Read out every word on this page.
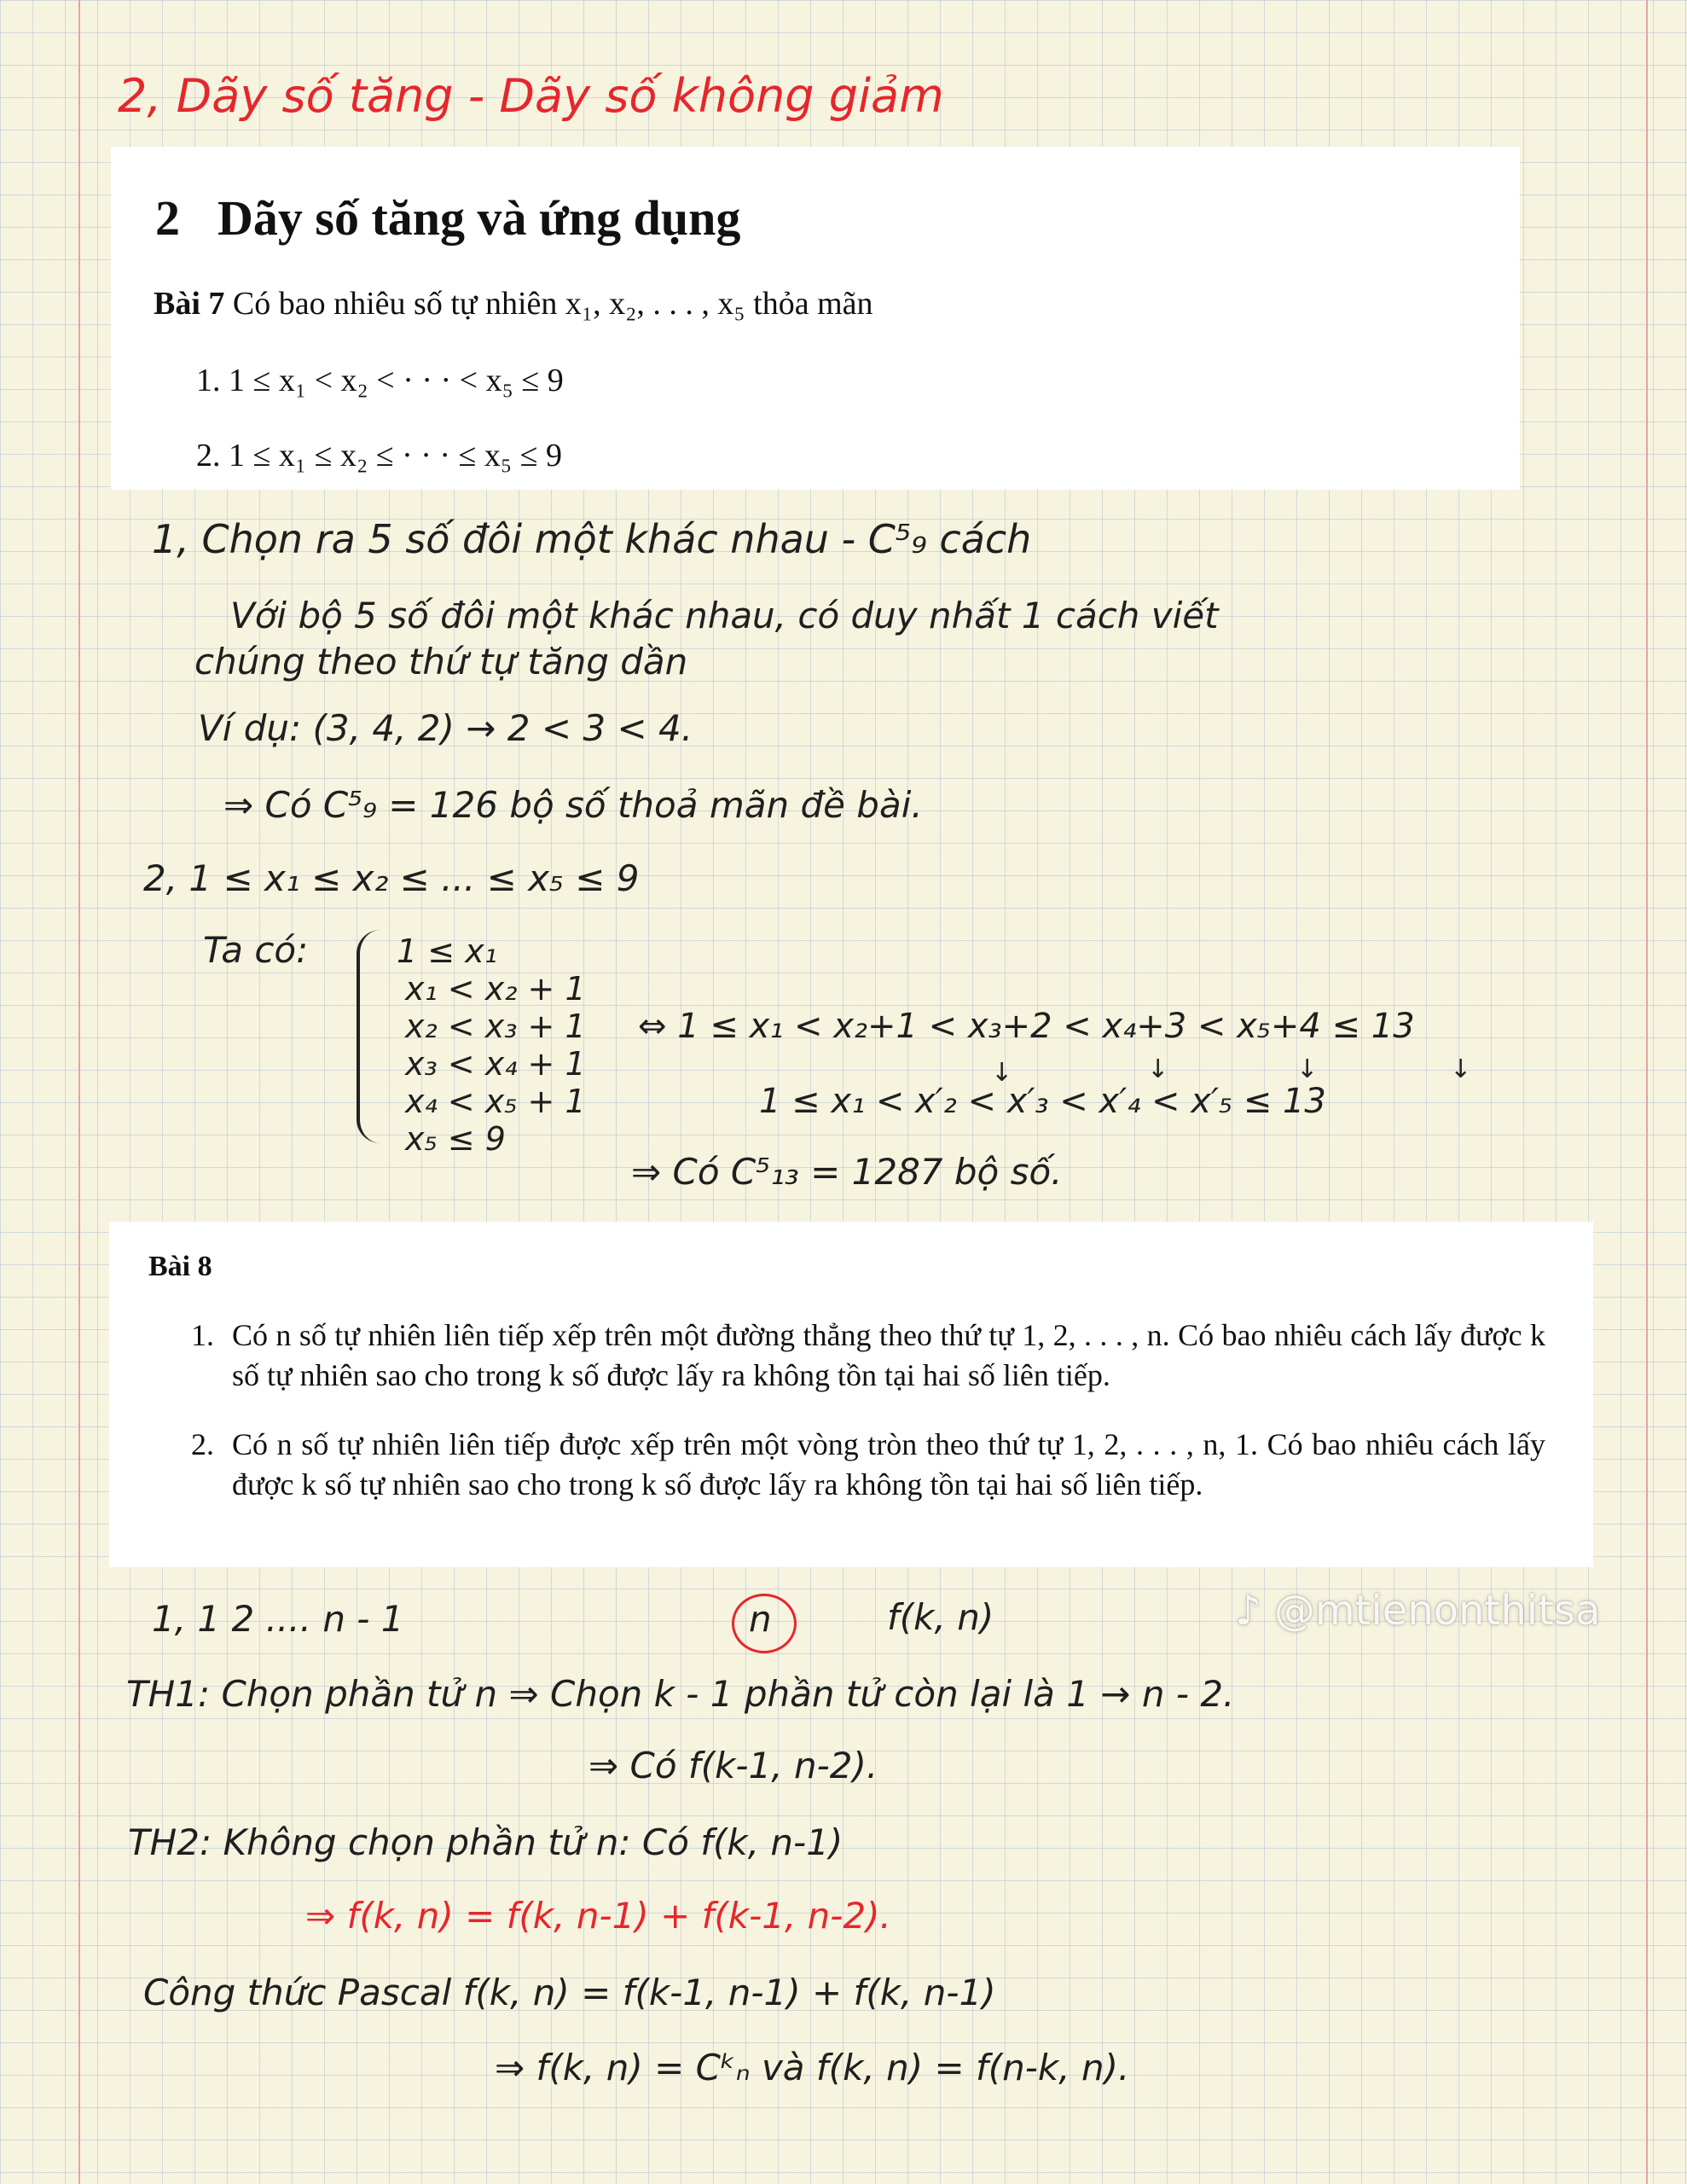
2, Dãy số tăng - Dãy số không giảm
2 Dãy số tăng và ứng dụng
Bài 7 Có bao nhiêu số tự nhiên x₁, x₂, . . . , x₅ thỏa mãn
1. 1 ≤ x₁ < x₂ < · · · < x₅ ≤ 9
2. 1 ≤ x₁ ≤ x₂ ≤ · · · ≤ x₅ ≤ 9
1, Chọn ra 5 số đôi một khác nhau - C⁵₉ cách
Với bộ 5 số đôi một khác nhau, có duy nhất 1 cách viết
chúng theo thứ tự tăng dần
Ví dụ: (3, 4, 2) → 2 < 3 < 4.
⇒ Có C⁵₉ = 126 bộ số thoả mãn đề bài.
2, 1 ≤ x₁ ≤ x₂ ≤ ... ≤ x₅ ≤ 9
Ta có:	1 ≤ x₁
x₁ < x₂ + 1
x₂ < x₃ + 1
x₃ < x₄ + 1
x₄ < x₅ + 1
x₅ ≤ 9
⇔ 1 ≤ x₁ < x₂+1 < x₃+2 < x₄+3 < x₅+4 ≤ 13
↓	↓	↓	↓
1 ≤ x₁ < x′₂ < x′₃ < x′₄ < x′₅ ≤ 13
⇒ Có C⁵₁₃ = 1287 bộ số.
Bài 8
1. Có n số tự nhiên liên tiếp xếp trên một đường thẳng theo thứ tự 1, 2, . . . , n. Có bao nhiêu cách lấy được k số tự nhiên sao cho trong k số được lấy ra không tồn tại hai số liên tiếp.
2. Có n số tự nhiên liên tiếp được xếp trên một vòng tròn theo thứ tự 1, 2, . . . , n, 1. Có bao nhiêu cách lấy được k số tự nhiên sao cho trong k số được lấy ra không tồn tại hai số liên tiếp.
1, 1 2 .... n - 1	n	f(k, n)	♪ @mtienonthitsa
TH1: Chọn phần tử n ⇒ Chọn k - 1 phần tử còn lại là 1 → n - 2.
⇒ Có f(k-1, n-2).
TH2: Không chọn phần tử n: Có f(k, n-1)
⇒ f(k, n) = f(k, n-1) + f(k-1, n-2).
Công thức Pascal f(k, n) = f(k-1, n-1) + f(k, n-1)
⇒ f(k, n) = Cᵏₙ và f(k, n) = f(n-k, n).
